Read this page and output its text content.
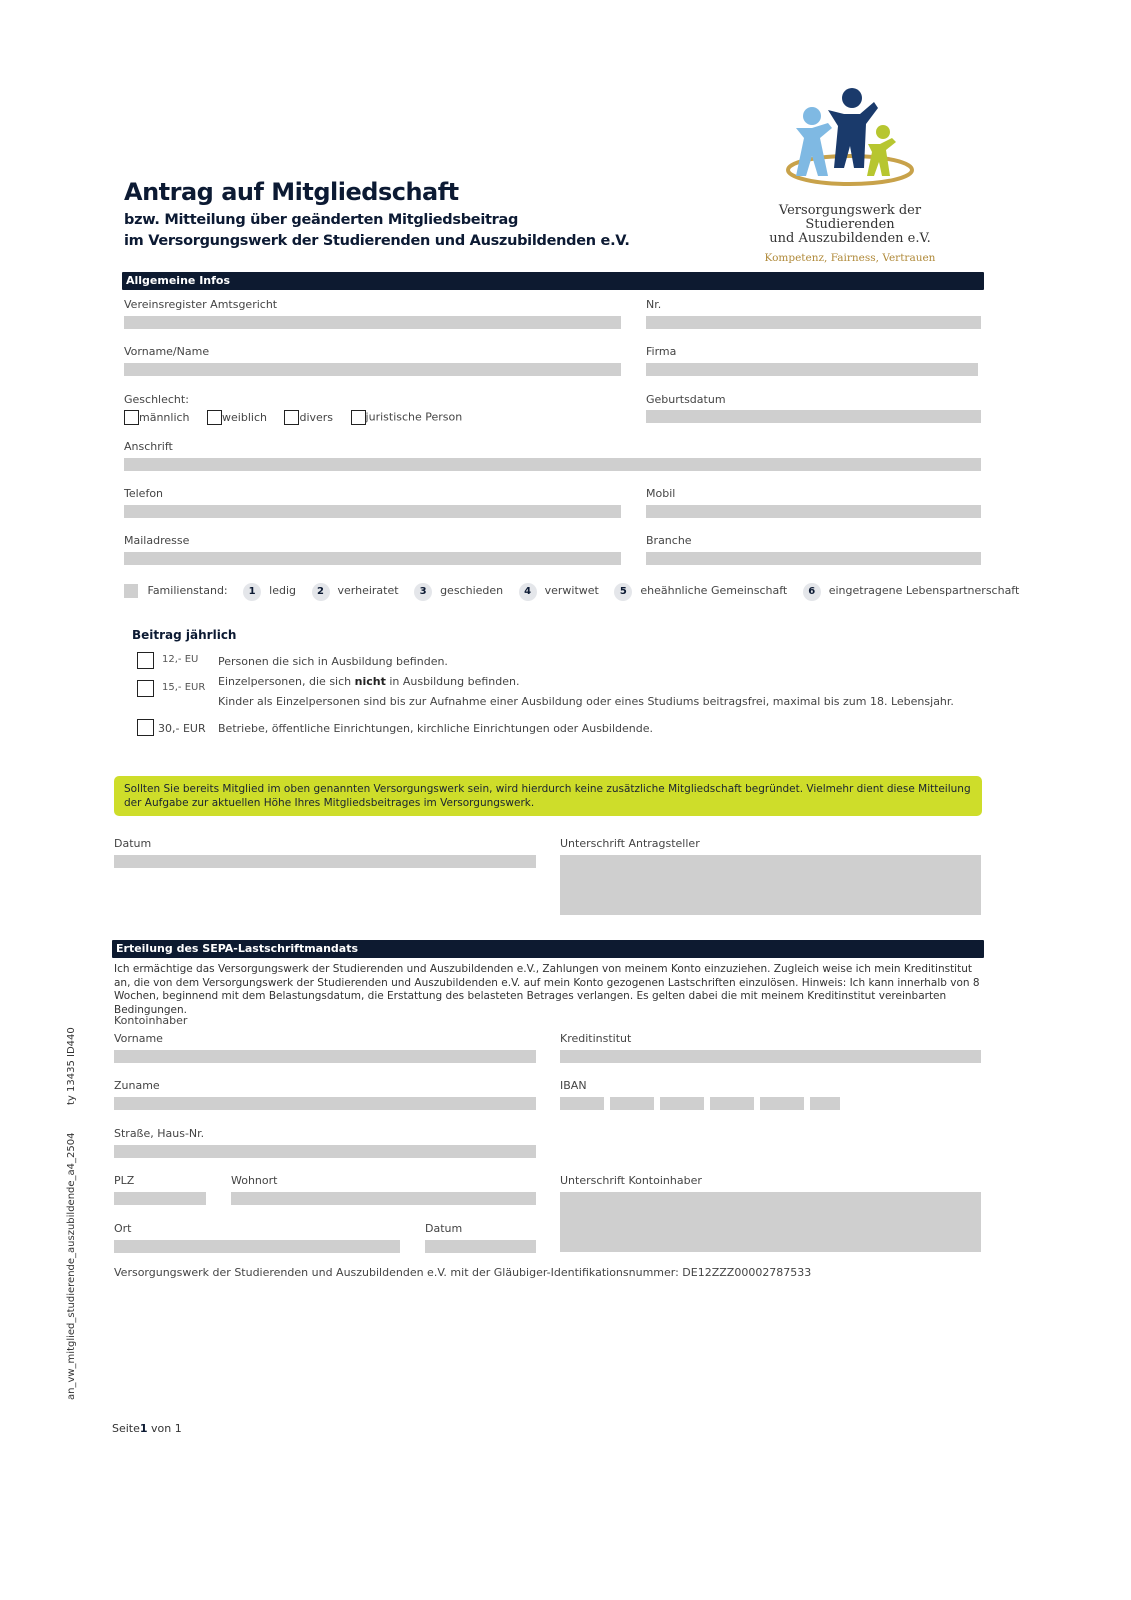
Antrag auf Mitgliedschaft
bzw. Mitteilung über geänderten Mitgliedsbeitrag
im Versorgungswerk der Studierenden und Auszubildenden e.V.
Versorgungswerk der Studierenden
und Auszubildenden e.V.
Kompetenz, Fairness, Vertrauen
Allgemeine Infos
Vereinsregister Amtsgericht	Nr.
Vorname/Name	Firma
Geschlecht:
männlich	weiblich	divers	juristische Person
Geburtsdatum
Anschrift
Telefon	Mobil
Mailadresse	Branche
Familienstand: 1 ledig 2 verheiratet 3 geschieden 4 verwitwet 5 eheähnliche Gemeinschaft 6 eingetragene Lebenspartnerschaft
Beitrag jährlich
12,- EU Personen die sich in Ausbildung befinden.
15,- EUR Einzelpersonen, die sich nicht in Ausbildung befinden.
Kinder als Einzelpersonen sind bis zur Aufnahme einer Ausbildung oder eines Studiums beitragsfrei, maximal bis zum 18. Lebensjahr.
30,- EUR Betriebe, öffentliche Einrichtungen, kirchliche Einrichtungen oder Ausbildende.
Sollten Sie bereits Mitglied im oben genannten Versorgungswerk sein, wird hierdurch keine zusätzliche Mitgliedschaft begründet. Vielmehr dient diese Mitteilung der Aufgabe zur aktuellen Höhe Ihres Mitgliedsbeitrages im Versorgungswerk.
Datum	Unterschrift Antragsteller
Erteilung des SEPA-Lastschriftmandats
Ich ermächtige das Versorgungswerk der Studierenden und Auszubildenden e.V., Zahlungen von meinem Konto einzuziehen. Zugleich weise ich mein Kreditinstitut an, die von dem Versorgungswerk der Studierenden und Auszubildenden e.V. auf mein Konto gezogenen Lastschriften einzulösen. Hinweis: Ich kann innerhalb von 8 Wochen, beginnend mit dem Belastungsdatum, die Erstattung des belasteten Betrages verlangen. Es gelten dabei die mit meinem Kreditinstitut vereinbarten Bedingungen.
Kontoinhaber
Vorname	Kreditinstitut
Zuname	IBAN
Straße, Haus-Nr.
PLZ	Wohnort	Unterschrift Kontoinhaber
Ort	Datum
Versorgungswerk der Studierenden und Auszubildenden e.V. mit der Gläubiger-Identifikationsnummer: DE12ZZZ00002787533
ty 13435 ID440
an_vw_mitglied_studierende_auszubildende_a4_2504
Seite1 von 1
